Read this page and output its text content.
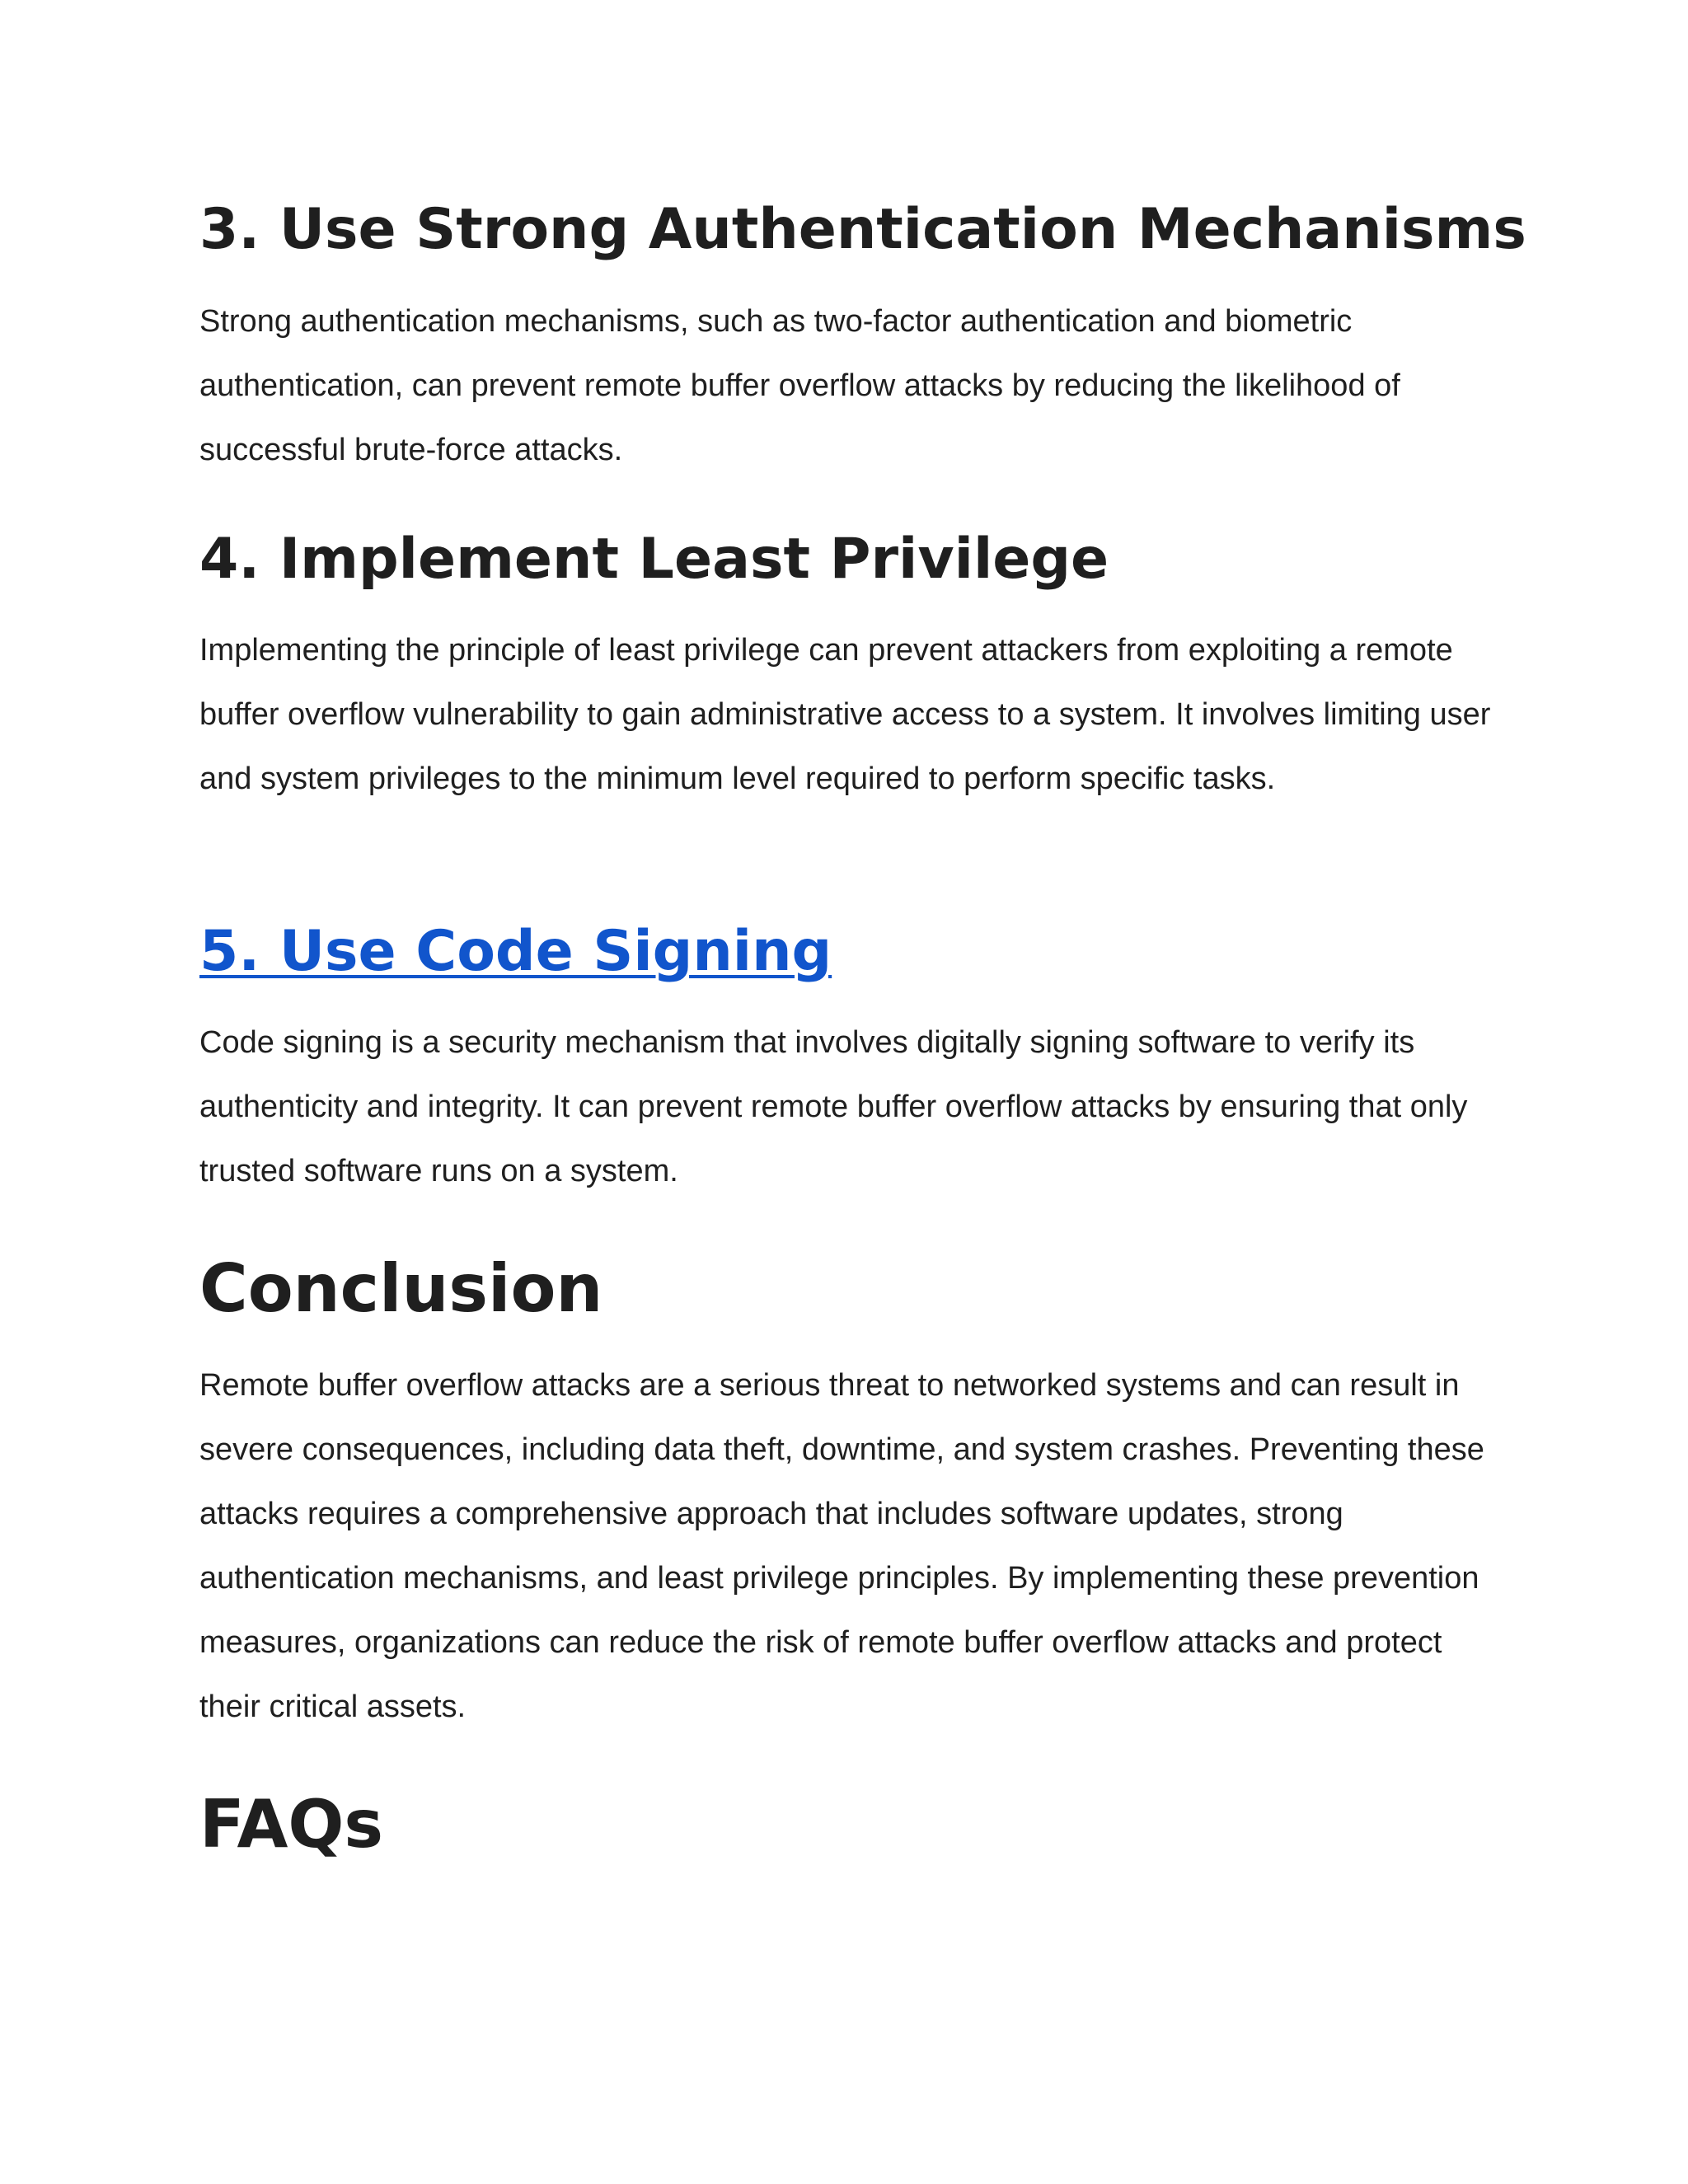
3. Use Strong Authentication Mechanisms

Strong authentication mechanisms, such as two-factor authentication and biometric authentication, can prevent remote buffer overflow attacks by reducing the likelihood of successful brute-force attacks.

4. Implement Least Privilege

Implementing the principle of least privilege can prevent attackers from exploiting a remote buffer overflow vulnerability to gain administrative access to a system. It involves limiting user and system privileges to the minimum level required to perform specific tasks.

5. Use Code Signing

Code signing is a security mechanism that involves digitally signing software to verify its authenticity and integrity. It can prevent remote buffer overflow attacks by ensuring that only trusted software runs on a system.

Conclusion

Remote buffer overflow attacks are a serious threat to networked systems and can result in severe consequences, including data theft, downtime, and system crashes. Preventing these attacks requires a comprehensive approach that includes software updates, strong authentication mechanisms, and least privilege principles. By implementing these prevention measures, organizations can reduce the risk of remote buffer overflow attacks and protect their critical assets.

FAQs
